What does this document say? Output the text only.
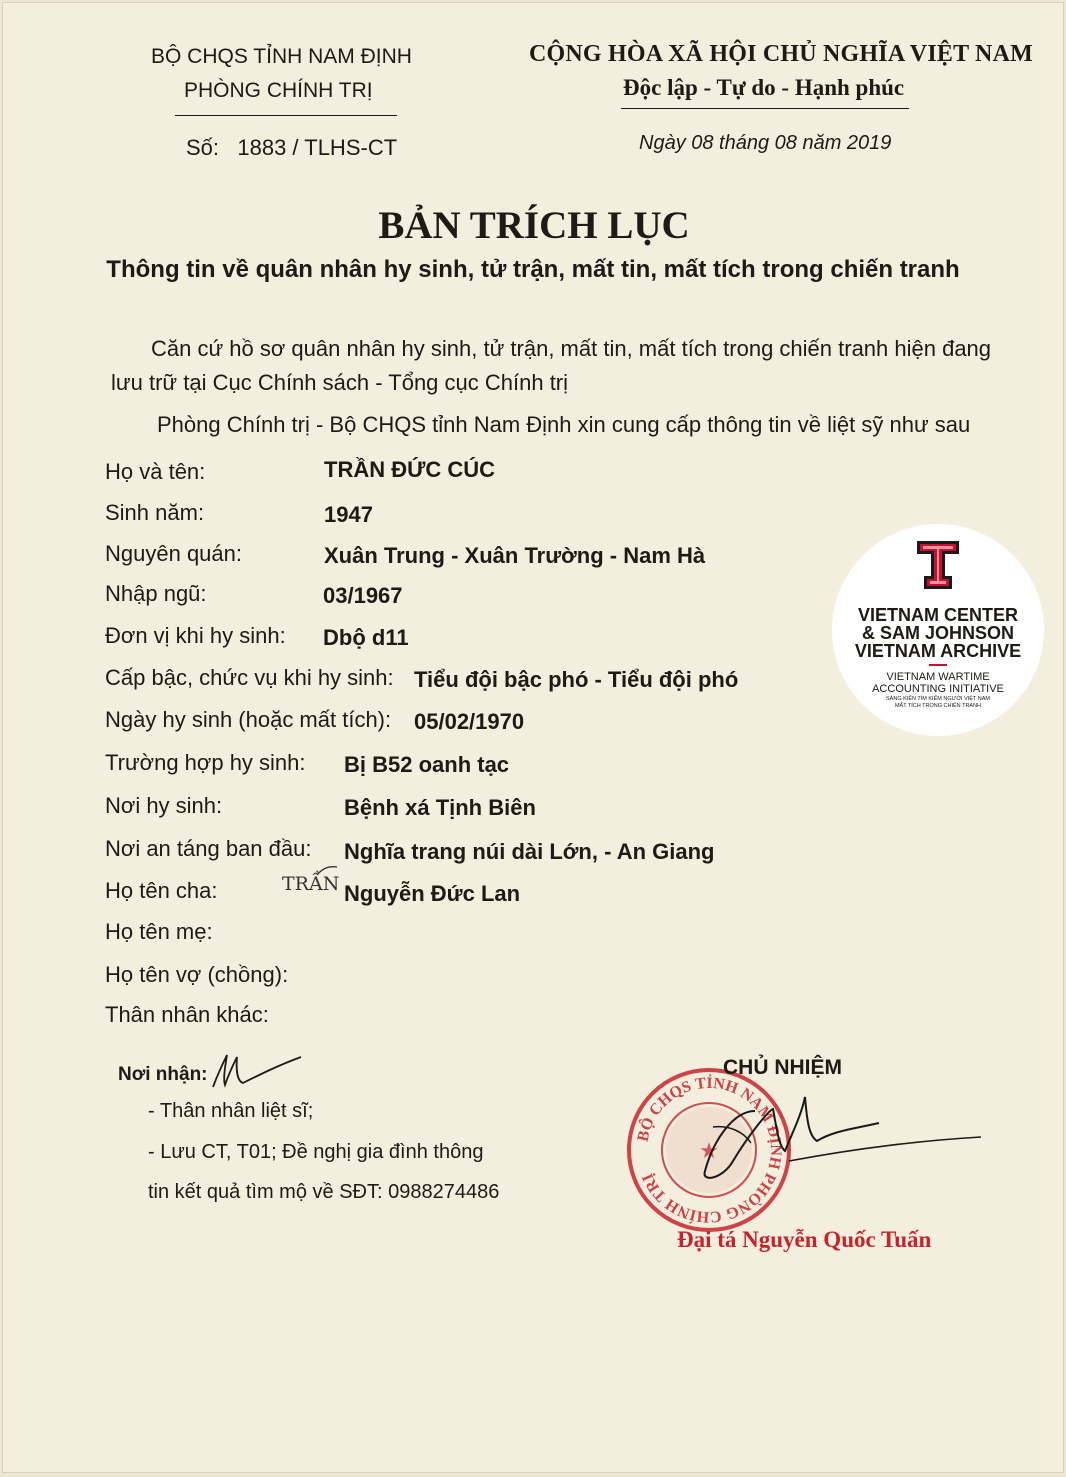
BỘ CHQS TỈNH NAM ĐỊNH
PHÒNG CHÍNH TRỊ
Số: 1883 / TLHS-CT
CỘNG HÒA XÃ HỘI CHỦ NGHĨA VIỆT NAM
Độc lập - Tự do - Hạnh phúc
Ngày 08 tháng 08 năm 2019
BẢN TRÍCH LỤC
Thông tin về quân nhân hy sinh, tử trận, mất tin, mất tích trong chiến tranh
Căn cứ hồ sơ quân nhân hy sinh, tử trận, mất tin, mất tích trong chiến tranh hiện đang
lưu trữ tại Cục Chính sách - Tổng cục Chính trị
Phòng Chính trị - Bộ CHQS tỉnh Nam Định xin cung cấp thông tin về liệt sỹ như sau
Họ và tên:	TRẦN ĐỨC CÚC
Sinh năm:	1947
Nguyên quán:	Xuân Trung - Xuân Trường - Nam Hà
Nhập ngũ:	03/1967
Đơn vị khi hy sinh: Dbộ d11
Cấp bậc, chức vụ khi hy sinh: Tiểu đội bậc phó - Tiểu đội phó
Ngày hy sinh (hoặc mất tích): 05/02/1970
Trường hợp hy sinh: Bị B52 oanh tạc
Nơi hy sinh:	Bệnh xá Tịnh Biên
Nơi an táng ban đầu: Nghĩa trang núi dài Lớn, - An Giang
Họ tên cha:	TRẦN Nguyễn Đức Lan
Họ tên mẹ:
Họ tên vợ (chồng):
Thân nhân khác:
VIETNAM CENTER
& SAM JOHNSON
VIETNAM ARCHIVE
VIETNAM WARTIME
ACCOUNTING INITIATIVE
SÁNG KIẾN TÌM KIẾM NGƯỜI VIỆT NAM
MẤT TÍCH TRONG CHIẾN TRANH
Nơi nhận:
- Thân nhân liệt sĩ;
- Lưu CT, T01; Đề nghị gia đình thông
tin kết quả tìm mộ về SĐT: 0988274486
BỘ CHQS TỈNH NAM ĐỊNH PHÒNG CHÍNH TRỊ
★
CHỦ NHIỆM
Đại tá Nguyễn Quốc Tuấn
